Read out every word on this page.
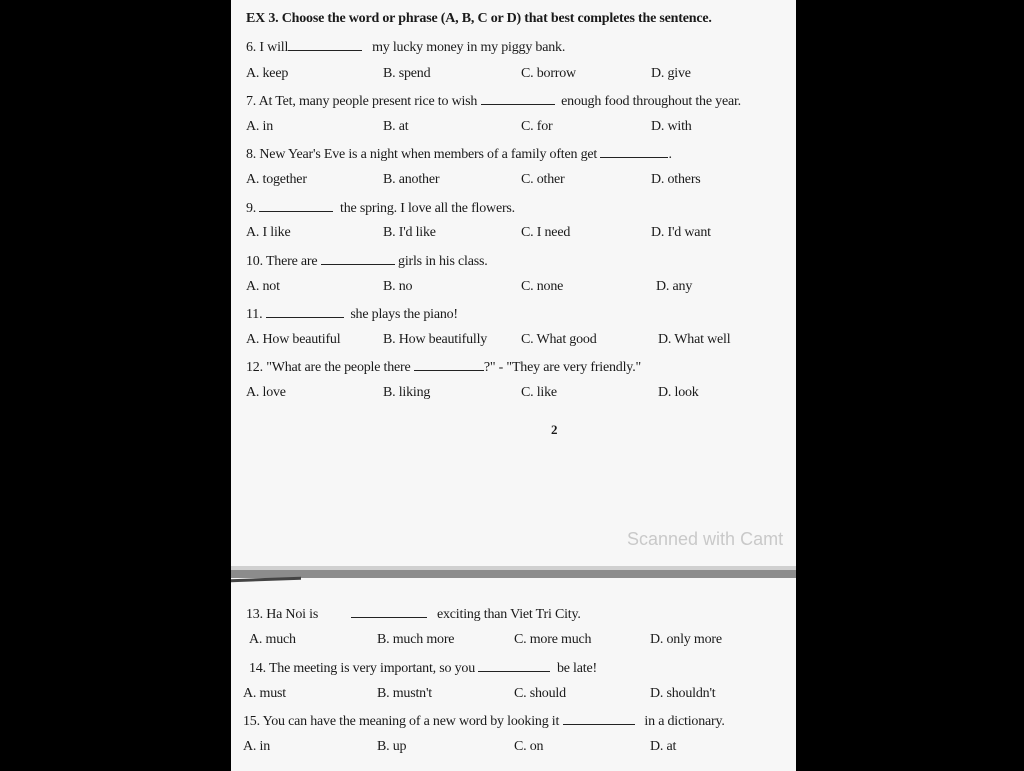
EX 3. Choose the word or phrase (A, B, C or D) that best completes the sentence.
6. I will	my lucky money in my piggy bank.
A. keep	B. spend	C. borrow	D. give
7. At Tet, many people present rice to wish	enough food throughout the year.
A. in	B. at	C. for	D. with
8. New Year's Eve is a night when members of a family often get	.
A. together	B. another	C. other	D. others
9.	the spring. I love all the flowers.
A. I like	B. I'd like	C. I need	D. I'd want
10. There are	girls in his class.
A. not	B. no	C. none	D. any
11.	she plays the piano!
A. How beautiful	B. How beautifully C. What good	D. What well
12. "What are the people there	?" - "They are very friendly."
A. love	B. liking	C. like	D. look
2
Scanned with Camt
13. Ha Noi is	exciting than Viet Tri City.
A. much	B. much more	C. more much	D. only more
14. The meeting is very important, so you	be late!
A. must	B. mustn't	C. should	D. shouldn't
15. You can have the meaning of a new word by looking it	in a dictionary.
A. in	B. up	C. on	D. at
